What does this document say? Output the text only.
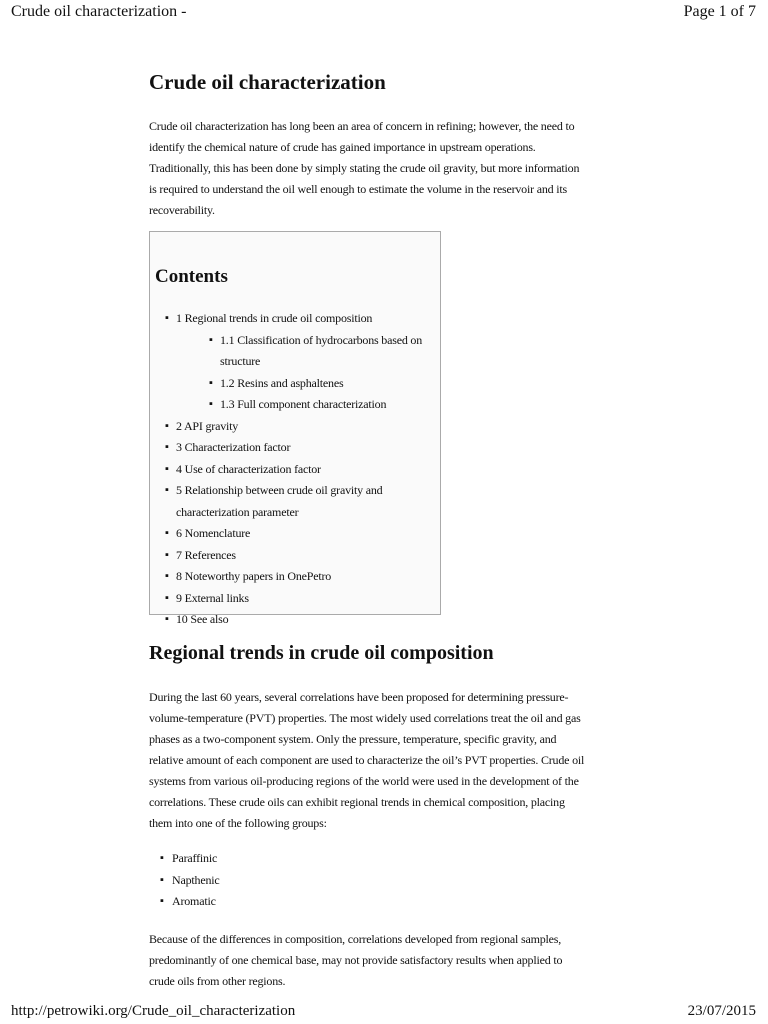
Crude oil characterization -	Page 1 of 7
Crude oil characterization

Crude oil characterization has long been an area of concern in refining; however, the need to identify the chemical nature of crude has gained importance in upstream operations. Traditionally, this has been done by simply stating the crude oil gravity, but more information is required to understand the oil well enough to estimate the volume in the reservoir and its recoverability.

Contents
▪ 1 Regional trends in crude oil composition
▪ 1.1 Classification of hydrocarbons based on structure
▪ 1.2 Resins and asphaltenes
▪ 1.3 Full component characterization
▪ 2 API gravity
▪ 3 Characterization factor
▪ 4 Use of characterization factor
▪ 5 Relationship between crude oil gravity and characterization parameter
▪ 6 Nomenclature
▪ 7 References
▪ 8 Noteworthy papers in OnePetro
▪ 9 External links
▪ 10 See also
Regional trends in crude oil composition

During the last 60 years, several correlations have been proposed for determining pressure-volume-temperature (PVT) properties. The most widely used correlations treat the oil and gas phases as a two-component system. Only the pressure, temperature, specific gravity, and relative amount of each component are used to characterize the oil’s PVT properties. Crude oil systems from various oil-producing regions of the world were used in the development of the correlations. These crude oils can exhibit regional trends in chemical composition, placing them into one of the following groups:

▪ Paraffinic
▪ Napthenic
▪ Aromatic

Because of the differences in composition, correlations developed from regional samples, predominantly of one chemical base, may not provide satisfactory results when applied to crude oils from other regions.

http://petrowiki.org/Crude_oil_characterization	23/07/2015
